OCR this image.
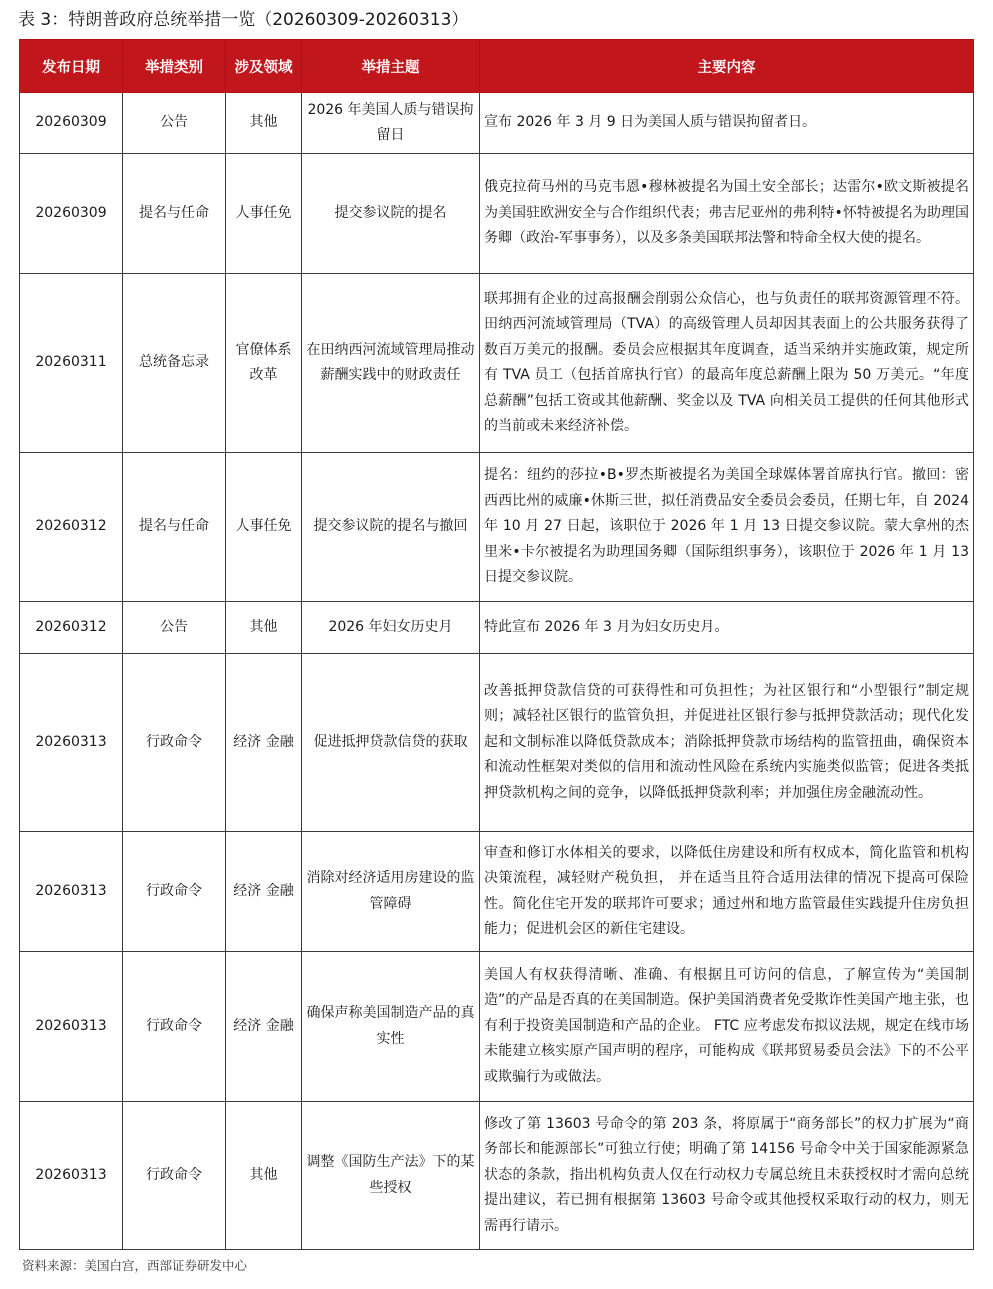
表 3：特朗普政府总统举措一览（20260309-20260313）
发布日期	举措类别	涉及领域	举措主题	主要内容
20260309	公告	其他	2026 年美国人质与错误拘留日	宣布 2026 年 3 月 9 日为美国人质与错误拘留者日。
20260309	提名与任命	人事任免	提交参议院的提名	俄克拉荷马州的马克韦恩•穆林被提名为国土安全部长；达雷尔•欧文斯被提名为美国驻欧洲安全与合作组织代表；弗吉尼亚州的弗利特•怀特被提名为助理国务卿（政治-军事事务），以及多条美国联邦法警和特命全权大使的提名。
20260311	总统备忘录	官僚体系改革	在田纳西河流域管理局推动薪酬实践中的财政责任	联邦拥有企业的过高报酬会削弱公众信心，也与负责任的联邦资源管理不符。田纳西河流域管理局（TVA）的高级管理人员却因其表面上的公共服务获得了数百万美元的报酬。委员会应根据其年度调查，适当采纳并实施政策，规定所有 TVA 员工（包括首席执行官）的最高年度总薪酬上限为 50 万美元。“年度总薪酬”包括工资或其他薪酬、奖金以及 TVA 向相关员工提供的任何其他形式的当前或未来经济补偿。
20260312	提名与任命	人事任免	提交参议院的提名与撤回	提名：纽约的莎拉•B•罗杰斯被提名为美国全球媒体署首席执行官。撤回：密西西比州的威廉•休斯三世，拟任消费品安全委员会委员，任期七年，自 2024 年 10 月 27 日起，该职位于 2026 年 1 月 13 日提交参议院。蒙大拿州的杰里米•卡尔被提名为助理国务卿（国际组织事务），该职位于 2026 年 1 月 13 日提交参议院。
20260312	公告	其他	2026 年妇女历史月	特此宣布 2026 年 3 月为妇女历史月。
20260313	行政命令	经济 金融	促进抵押贷款信贷的获取	改善抵押贷款信贷的可获得性和可负担性；为社区银行和“小型银行”制定规则；减轻社区银行的监管负担，并促进社区银行参与抵押贷款活动；现代化发起和文制标准以降低贷款成本；消除抵押贷款市场结构的监管扭曲，确保资本和流动性框架对类似的信用和流动性风险在系统内实施类似监管；促进各类抵押贷款机构之间的竞争，以降低抵押贷款利率；并加强住房金融流动性。
20260313	行政命令	经济 金融	消除对经济适用房建设的监管障碍	审查和修订水体相关的要求，以降低住房建设和所有权成本，简化监管和机构决策流程，减轻财产税负担， 并在适当且符合适用法律的情况下提高可保险性。简化住宅开发的联邦许可要求；通过州和地方监管最佳实践提升住房负担能力；促进机会区的新住宅建设。
20260313	行政命令	经济 金融	确保声称美国制造产品的真实性	美国人有权获得清晰、准确、有根据且可访问的信息，了解宣传为“美国制造”的产品是否真的在美国制造。保护美国消费者免受欺诈性美国产地主张，也有利于投资美国制造和产品的企业。 FTC 应考虑发布拟议法规，规定在线市场未能建立核实原产国声明的程序，可能构成《联邦贸易委员会法》下的不公平或欺骗行为或做法。
20260313	行政命令	其他	调整《国防生产法》下的某些授权	修改了第 13603 号命令的第 203 条，将原属于“商务部长”的权力扩展为“商务部长和能源部长”可独立行使；明确了第 14156 号命令中关于国家能源紧急状态的条款，指出机构负责人仅在行动权力专属总统且未获授权时才需向总统提出建议，若已拥有根据第 13603 号命令或其他授权采取行动的权力，则无需再行请示。
资料来源：美国白宫，西部证券研发中心
